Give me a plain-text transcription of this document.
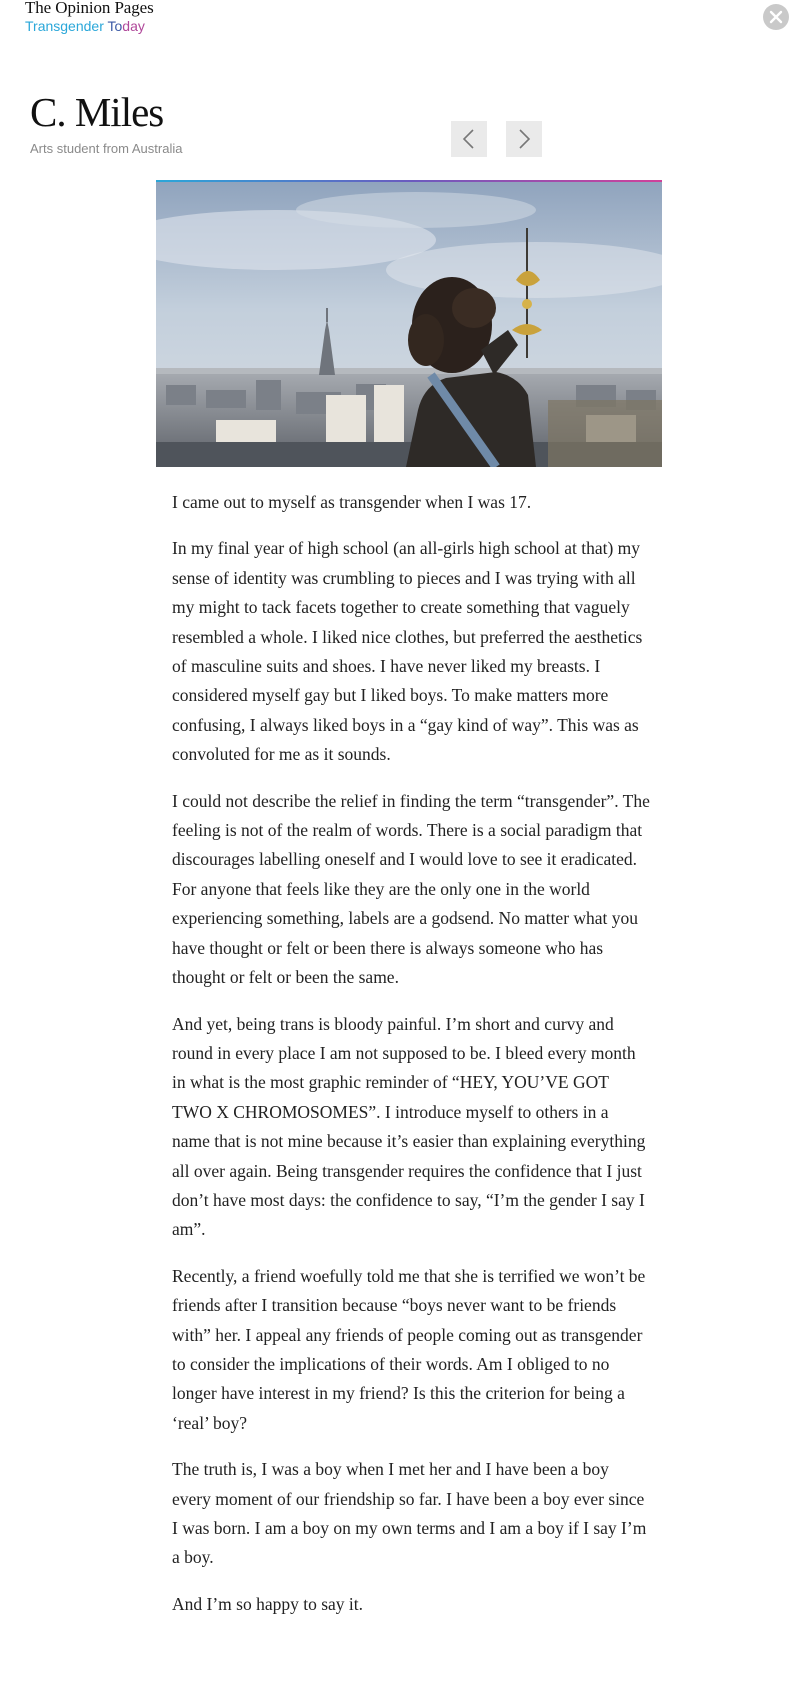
The Opinion Pages
Transgender Today
C. Miles
Arts student from Australia

I came out to myself as transgender when I was 17.

In my final year of high school (an all-girls high school at that) my sense of identity was crumbling to pieces and I was trying with all my might to tack facets together to create something that vaguely resembled a whole. I liked nice clothes, but preferred the aesthetics of masculine suits and shoes. I have never liked my breasts. I considered myself gay but I liked boys. To make matters more confusing, I always liked boys in a “gay kind of way”. This was as convoluted for me as it sounds.

I could not describe the relief in finding the term “transgender”. The feeling is not of the realm of words. There is a social paradigm that discourages labelling oneself and I would love to see it eradicated. For anyone that feels like they are the only one in the world experiencing something, labels are a godsend. No matter what you have thought or felt or been there is always someone who has thought or felt or been the same.

And yet, being trans is bloody painful. I’m short and curvy and round in every place I am not supposed to be. I bleed every month in what is the most graphic reminder of “HEY, YOU’VE GOT TWO X CHROMOSOMES”. I introduce myself to others in a name that is not mine because it’s easier than explaining everything all over again. Being transgender requires the confidence that I just don’t have most days: the confidence to say, “I’m the gender I say I am”.

Recently, a friend woefully told me that she is terrified we won’t be friends after I transition because “boys never want to be friends with” her. I appeal any friends of people coming out as transgender to consider the implications of their words. Am I obliged to no longer have interest in my friend? Is this the criterion for being a ‘real’ boy?

The truth is, I was a boy when I met her and I have been a boy every moment of our friendship so far. I have been a boy ever since I was born. I am a boy on my own terms and I am a boy if I say I’m a boy.

And I’m so happy to say it.
